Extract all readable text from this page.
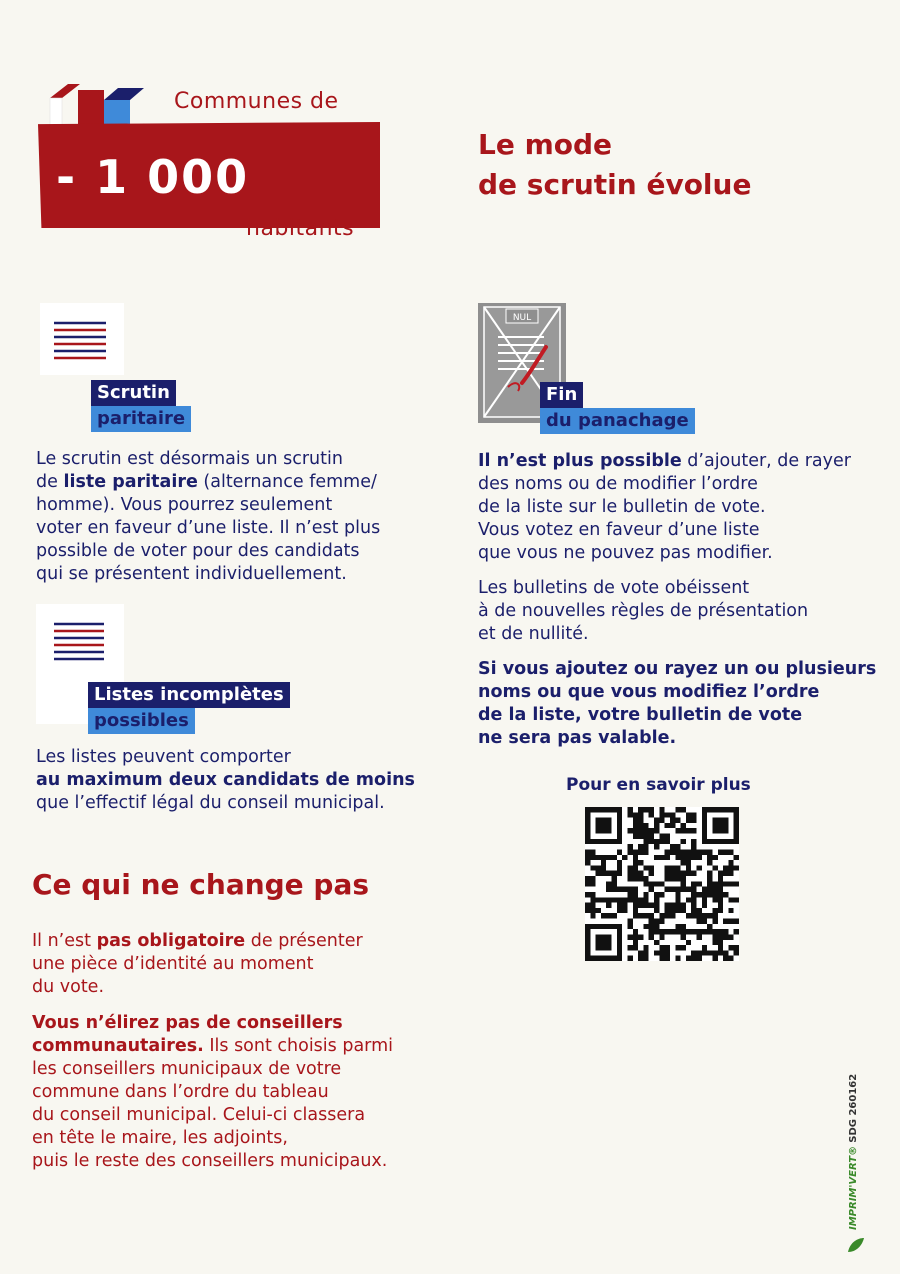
Communes de
- 1 000
habitants
Le mode
de scrutin évolue
Scrutin
paritaire
Le scrutin est désormais un scrutin
de liste paritaire (alternance femme/
homme). Vous pourrez seulement
voter en faveur d’une liste. Il n’est plus
possible de voter pour des candidats
qui se présentent individuellement.
Listes incomplètes
possibles
Les listes peuvent comporter
au maximum deux candidats de moins
que l’effectif légal du conseil municipal.
NUL
Fin
du panachage
Il n’est plus possible d’ajouter, de rayer
des noms ou de modifier l’ordre
de la liste sur le bulletin de vote.
Vous votez en faveur d’une liste
que vous ne pouvez pas modifier.
Les bulletins de vote obéissent
à de nouvelles règles de présentation
et de nullité.
Si vous ajoutez ou rayez un ou plusieurs
noms ou que vous modifiez l’ordre
de la liste, votre bulletin de vote
ne sera pas valable.
Pour en savoir plus
Ce qui ne change pas
Il n’est pas obligatoire de présenter
une pièce d’identité au moment
du vote.
Vous n’élirez pas de conseillers
communautaires. Ils sont choisis parmi
les conseillers municipaux de votre
commune dans l’ordre du tableau
du conseil municipal. Celui-ci classera
en tête le maire, les adjoints,
puis le reste des conseillers municipaux.	IMPRIM'VERT® SDG 260162
